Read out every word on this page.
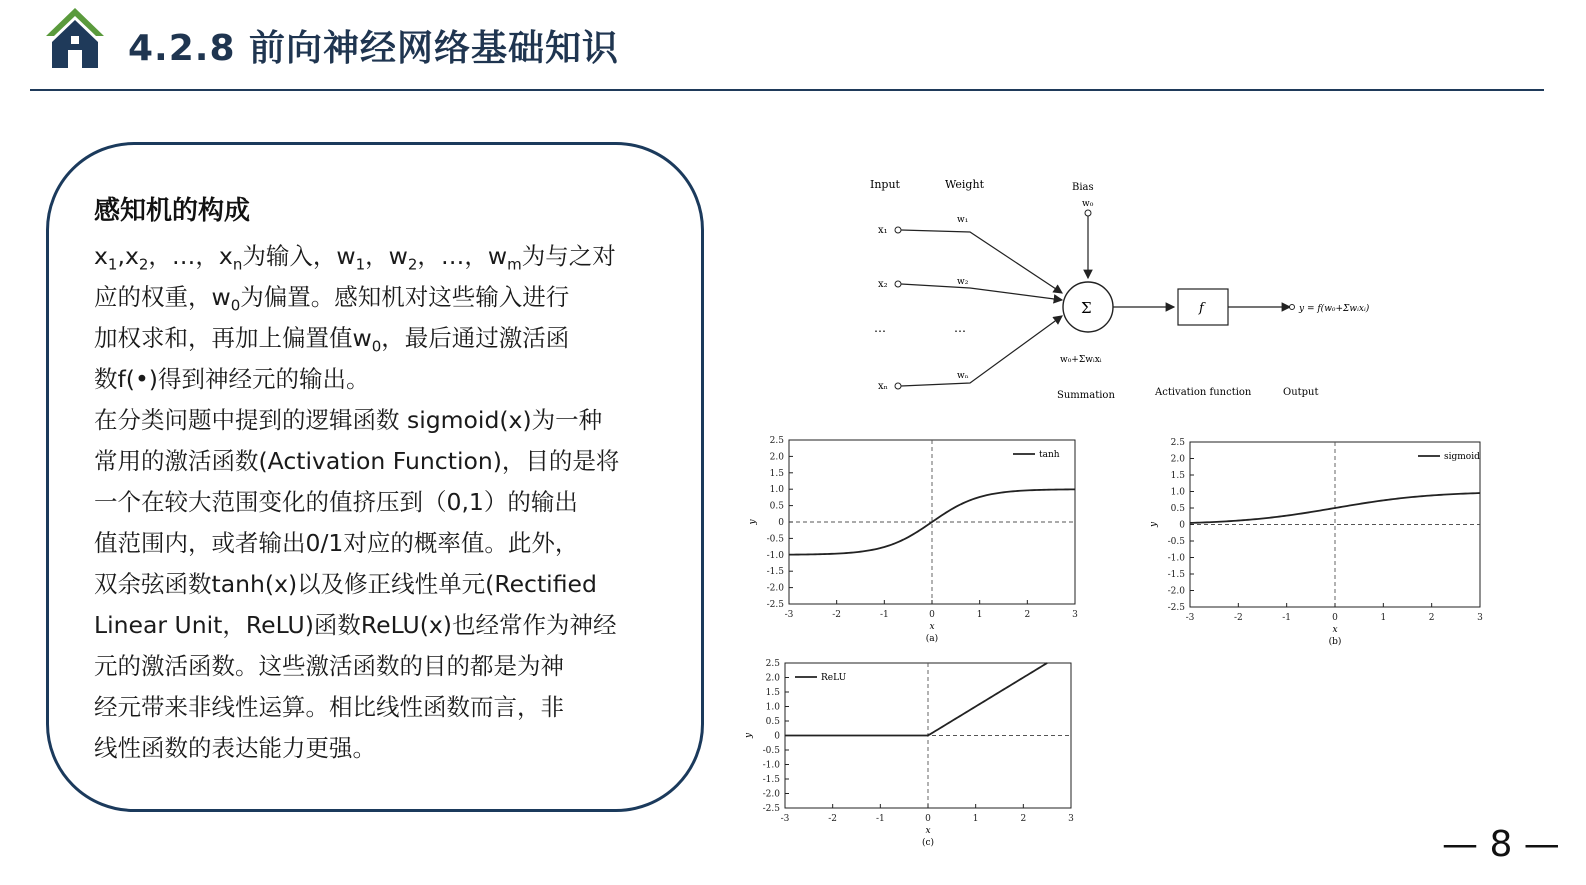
4.2.8 前向神经网络基础知识
感知机的构成
$x_1,x_2$，…，$x_n$为输入，$w_1$，$w_2$，…，$w_m$为与之对
应的权重，$w_0$为偏置。感知机对这些输入进行
加权求和，再加上偏置值$w_0$，最后通过激活函
数f(•)得到神经元的输出。
在分类问题中提到的逻辑函数 sigmoid(x)为一种
常用的激活函数(Activation Function)，目的是将
一个在较大范围变化的值挤压到（0,1）的输出
值范围内，或者输出0/1对应的概率值。此外，
双余弦函数tanh(x)以及修正线性单元(Rectified
Linear Unit，ReLU)函数ReLU(x)也经常作为神经
元的激活函数。这些激活函数的目的都是为神
经元带来非线性运算。相比线性函数而言，非
线性函数的表达能力更强。
Input	Weight	Bias
w₀
x₁
w₁
x₂	w₂
…	…
xₙ
wₙ
Σ
w₀+Σwᵢxᵢ
f	y = f(w₀+Σwᵢxᵢ)
Summation	Activation function	Output
-3	-2	-1	0	1	2	3
2.5
2.0
1.5
1.0
0.5
0
-0.5
-1.0
-1.5
-2.0
-2.5
x
y
(a)
tanh
-3	-2	-1	0	1	2	3
2.5
2.0
1.5
1.0
0.5
0
-0.5
-1.0
-1.5
-2.0
-2.5
x
y
(b)
sigmoid
-3	-2	-1	0	1	2	3
2.5
2.0
1.5
1.0
0.5
0
-0.5
-1.0
-1.5
-2.0
-2.5
x
y
(c)
ReLU
— 8 —
